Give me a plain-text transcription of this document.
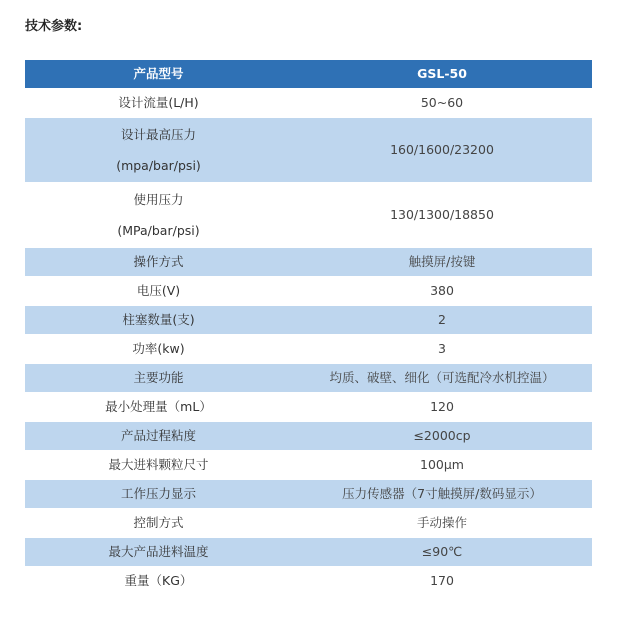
技术参数:
产品型号	GSL-50

设计流量(L/H)	50~60

设计最高压力
(mpa/bar/psi)	160/1600/23200

使用压力
(MPa/bar/psi)	130/1300/18850

操作方式	触摸屏/按键

电压(V)	380

柱塞数量(支)	2

功率(kw)	3

主要功能	均质、破壁、细化（可选配冷水机控温）

最小处理量（mL）	120

产品过程粘度	≤2000cp

最大进料颗粒尺寸	100μm

工作压力显示	压力传感器（7寸触摸屏/数码显示）

控制方式	手动操作

最大产品进料温度	≤90℃

重量（KG）	170
